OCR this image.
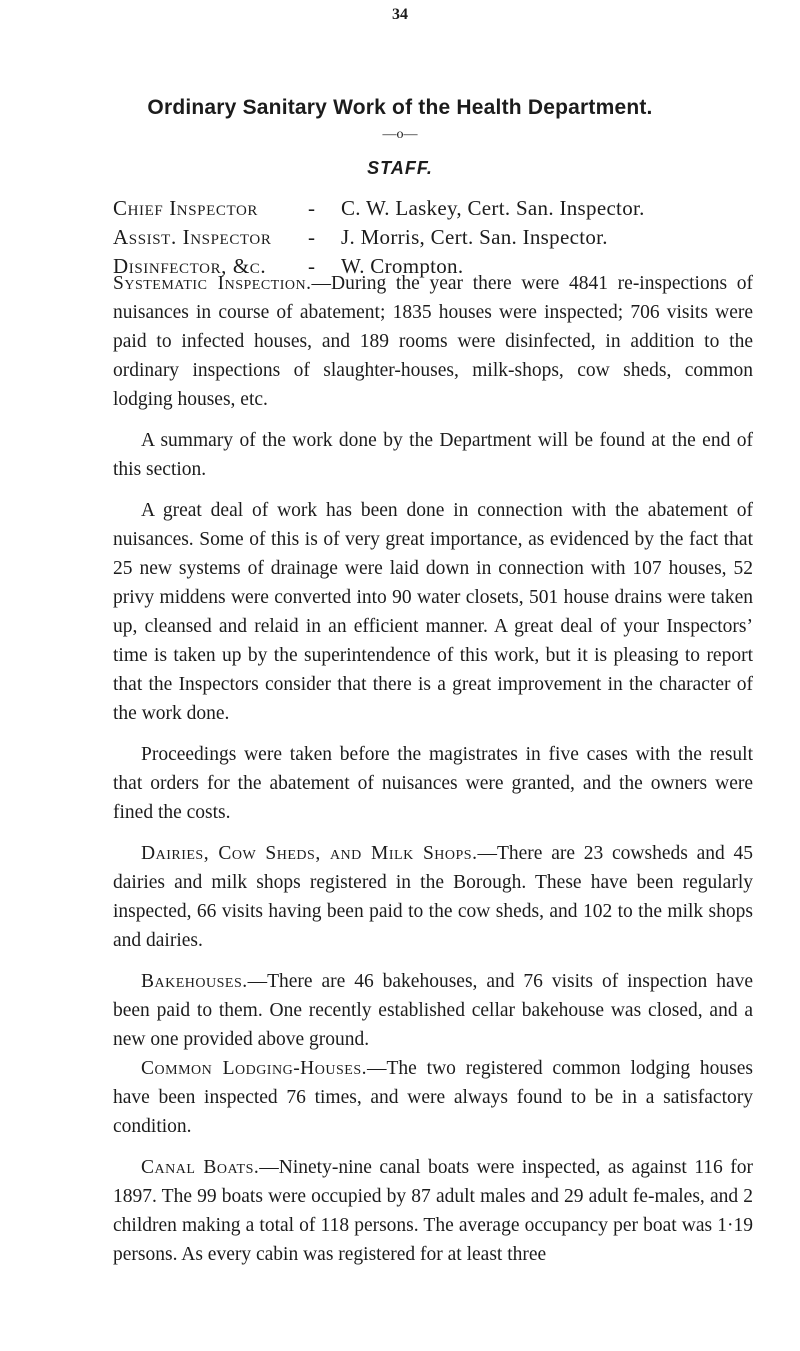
34
Ordinary Sanitary Work of the Health Department.
—o—
STAFF.
Chief Inspector	-	C. W. Laskey, Cert. San. Inspector.
Assist. Inspector	-	J. Morris, Cert. San. Inspector.
Disinfector, &c.	-	W. Crompton.

Systematic Inspection.—During the year there were 4841 re-inspections of nuisances in course of abatement; 1835 houses were inspected; 706 visits were paid to infected houses, and 189 rooms were disinfected, in addition to the ordinary inspections of slaughter-houses, milk-shops, cow sheds, common lodging houses, etc.

A summary of the work done by the Department will be found at the end of this section.

A great deal of work has been done in connection with the abatement of nuisances. Some of this is of very great importance, as evidenced by the fact that 25 new systems of drainage were laid down in connection with 107 houses, 52 privy middens were converted into 90 water closets, 501 house drains were taken up, cleansed and relaid in an efficient manner. A great deal of your Inspectors’ time is taken up by the superintendence of this work, but it is pleasing to report that the Inspectors consider that there is a great improvement in the character of the work done.

Proceedings were taken before the magistrates in five cases with the result that orders for the abatement of nuisances were granted, and the owners were fined the costs.

Dairies, Cow Sheds, and Milk Shops.—There are 23 cowsheds and 45 dairies and milk shops registered in the Borough. These have been regularly inspected, 66 visits having been paid to the cow sheds, and 102 to the milk shops and dairies.

Bakehouses.—There are 46 bakehouses, and 76 visits of inspection have been paid to them. One recently established cellar bakehouse was closed, and a new one provided above ground.

Common Lodging-Houses.—The two registered common lodging houses have been inspected 76 times, and were always found to be in a satisfactory condition.

Canal Boats.—Ninety-nine canal boats were inspected, as against 116 for 1897. The 99 boats were occupied by 87 adult males and 29 adult fe-males, and 2 children making a total of 118 persons. The average occupancy per boat was 1·19 persons. As every cabin was registered for at least three
